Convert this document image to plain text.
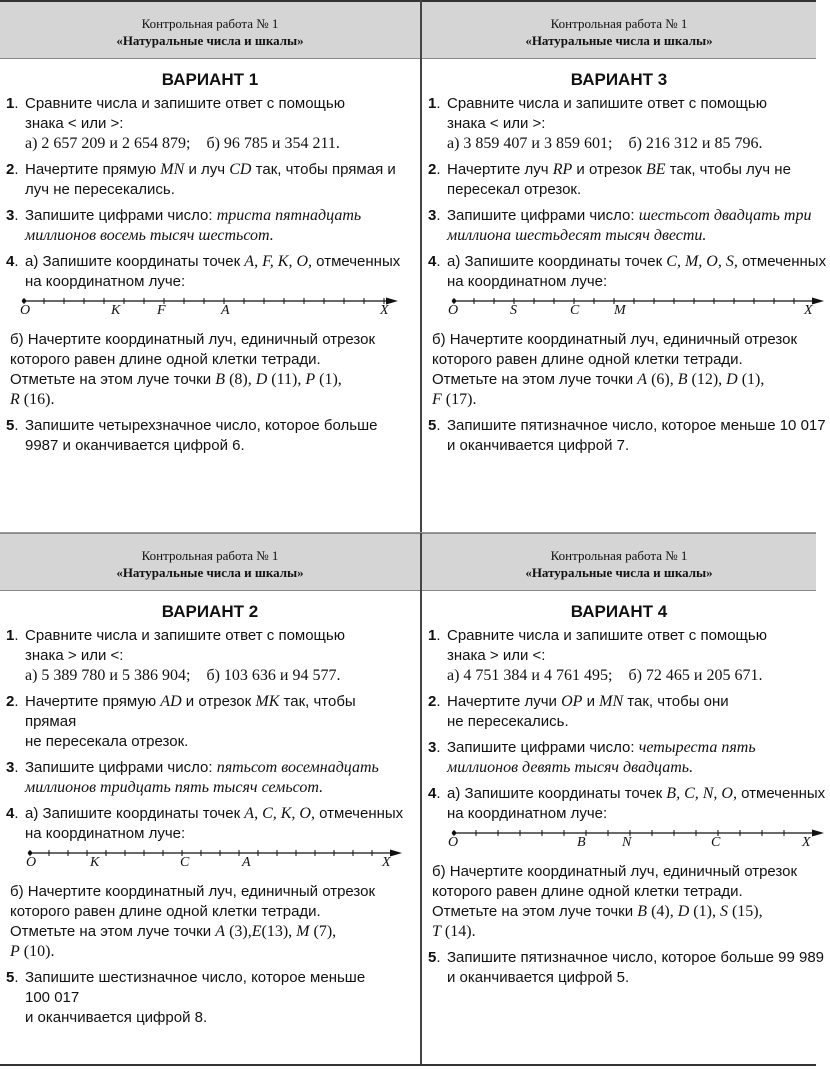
Контрольная работа № 1
«Натуральные числа и шкалы»
ВАРИАНТ 1
1. Сравните числа и запишите ответ с помощью
знака < или >:
а) 2 657 209 и 2 654 879; б) 96 785 и 354 211.
2. Начертите прямую MN и луч CD так, чтобы прямая и
луч не пересекались.
3. Запишите цифрами число: триста пятнадцать
миллионов восемь тысяч шестьсот.
4. а) Запишите координаты точек A, F, K, O, отмеченных
на координатном луче:
O	K	F	A	X
б) Начертите координатный луч, единичный отрезок
которого равен длине одной клетки тетради.
Отметьте на этом луче точки B (8), D (11), P (1),
R (16).
5. Запишите четырехзначное число, которое больше
9987 и оканчивается цифрой 6.
Контрольная работа № 1
«Натуральные числа и шкалы»
ВАРИАНТ 3
1. Сравните числа и запишите ответ с помощью
знака < или >:
а) 3 859 407 и 3 859 601; б) 216 312 и 85 796.
2. Начертите луч RP и отрезок BE так, чтобы луч не
пересекал отрезок.
3. Запишите цифрами число: шестьсот двадцать три
миллиона шестьдесят тысяч двести.
4. а) Запишите координаты точек C, M, O, S, отмеченных
на координатном луче:
O	S	C M	X
б) Начертите координатный луч, единичный отрезок
которого равен длине одной клетки тетради.
Отметьте на этом луче точки A (6), B (12), D (1),
F (17).
5. Запишите пятизначное число, которое меньше 10 017
и оканчивается цифрой 7.
Контрольная работа № 1
«Натуральные числа и шкалы»
ВАРИАНТ 2
1. Сравните числа и запишите ответ с помощью
знака > или <:
а) 5 389 780 и 5 386 904; б) 103 636 и 94 577.
2. Начертите прямую AD и отрезок MK так, чтобы
прямая
не пересекала отрезок.
3. Запишите цифрами число: пятьсот восемнадцать
миллионов тридцать пять тысяч семьсот.
4. а) Запишите координаты точек A, C, K, O, отмеченных
на координатном луче:
O	K	C	A	X
б) Начертите координатный луч, единичный отрезок
которого равен длине одной клетки тетради.
Отметьте на этом луче точки A (3),E(13), M (7),
P (10).
5. Запишите шестизначное число, которое меньше
100 017
и оканчивается цифрой 8.
Контрольная работа № 1
«Натуральные числа и шкалы»
ВАРИАНТ 4
1. Сравните числа и запишите ответ с помощью
знака > или <:
а) 4 751 384 и 4 761 495; б) 72 465 и 205 671.
2. Начертите лучи OP и MN так, чтобы они
не пересекались.
3. Запишите цифрами число: четыреста пять
миллионов девять тысяч двадцать.
4. а) Запишите координаты точек B, C, N, O, отмеченных
на координатном луче:
O	B	N	C	X
б) Начертите координатный луч, единичный отрезок
которого равен длине одной клетки тетради.
Отметьте на этом луче точки B (4), D (1), S (15),
T (14).
5. Запишите пятизначное число, которое больше 99 989
и оканчивается цифрой 5.
